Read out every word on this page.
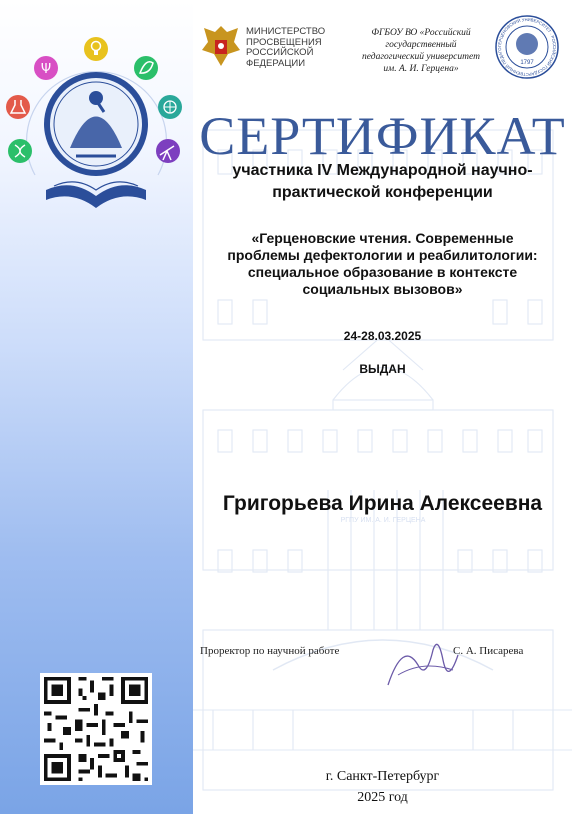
Ψ
РГПУ ИМ. А. И. ГЕРЦЕНА
МИНИСТЕРСТВО ПРОСВЕЩЕНИЯ РОССИЙСКОЙ ФЕДЕРАЦИИ
ФГБОУ ВО «Российский государственный педагогический университет им. А. И. Герцена»
ГЕРЦЕНОВСКИЙ УНИВЕРСИТЕТ · РОССИЙСКИЙ ГОСУДАРСТВЕННЫЙ ПЕДАГО
1797
СЕРТИФИКАТ
участника IV Международной научно-
практической конференции
«Герценовские чтения. Современные
проблемы дефектологии и реабилитологии:
специальное образование в контексте
социальных вызовов»
24-28.03.2025
ВЫДАН
Григорьева Ирина Алексеевна
Проректор по научной работе	С. А. Писарева
г. Санкт-Петербург
2025 год
